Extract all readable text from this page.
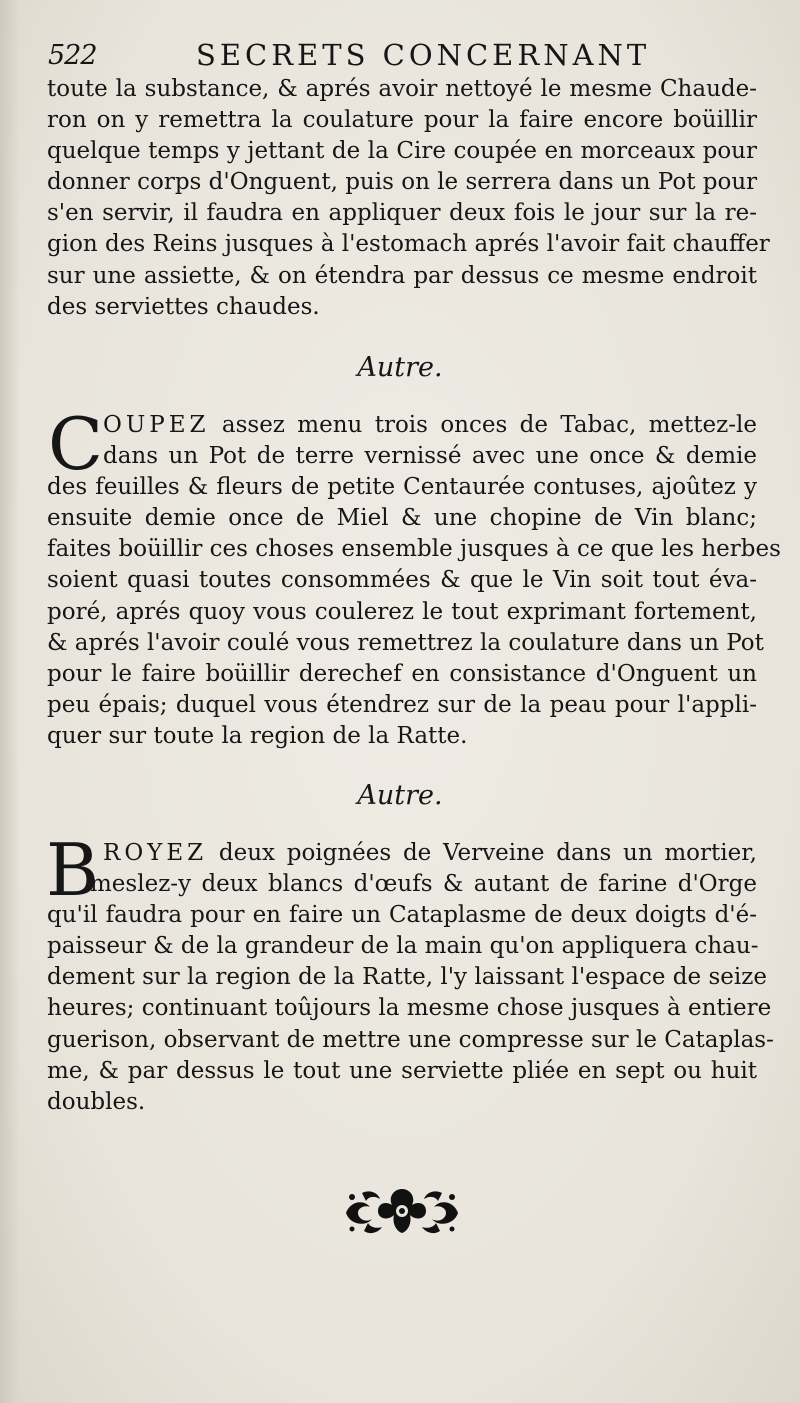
522	SECRETS CONCERNANT
toute la substance, & aprés avoir nettoyé le mesme Chaude-
ron on y remettra la coulature pour la faire encore boüillir
quelque temps y jettant de la Cire coupée en morceaux pour
donner corps d'Onguent, puis on le serrera dans un Pot pour
s'en servir, il faudra en appliquer deux fois le jour sur la re-
gion des Reins jusques à l'estomach aprés l'avoir fait chauffer
sur une assiette, & on étendra par dessus ce mesme endroit
des serviettes chaudes.
Autre.
C OUPEZ assez menu trois onces de Tabac, mettez-le
dans un Pot de terre vernissé avec une once & demie
des feuilles & fleurs de petite Centaurée contuses, ajoûtez y
ensuite demie once de Miel & une chopine de Vin blanc;
faites boüillir ces choses ensemble jusques à ce que les herbes
soient quasi toutes consommées & que le Vin soit tout éva-
poré, aprés quoy vous coulerez le tout exprimant fortement,
& aprés l'avoir coulé vous remettrez la coulature dans un Pot
pour le faire boüillir derechef en consistance d'Onguent un
peu épais; duquel vous étendrez sur de la peau pour l'appli-
quer sur toute la region de la Ratte.
Autre.
B ROYEZ deux poignées de Verveine dans un mortier,
meslez-y deux blancs d'œufs & autant de farine d'Orge
qu'il faudra pour en faire un Cataplasme de deux doigts d'é-
paisseur & de la grandeur de la main qu'on appliquera chau-
dement sur la region de la Ratte, l'y laissant l'espace de seize
heures; continuant toûjours la mesme chose jusques à entiere
guerison, observant de mettre une compresse sur le Cataplas-
me, & par dessus le tout une serviette pliée en sept ou huit
doubles.
